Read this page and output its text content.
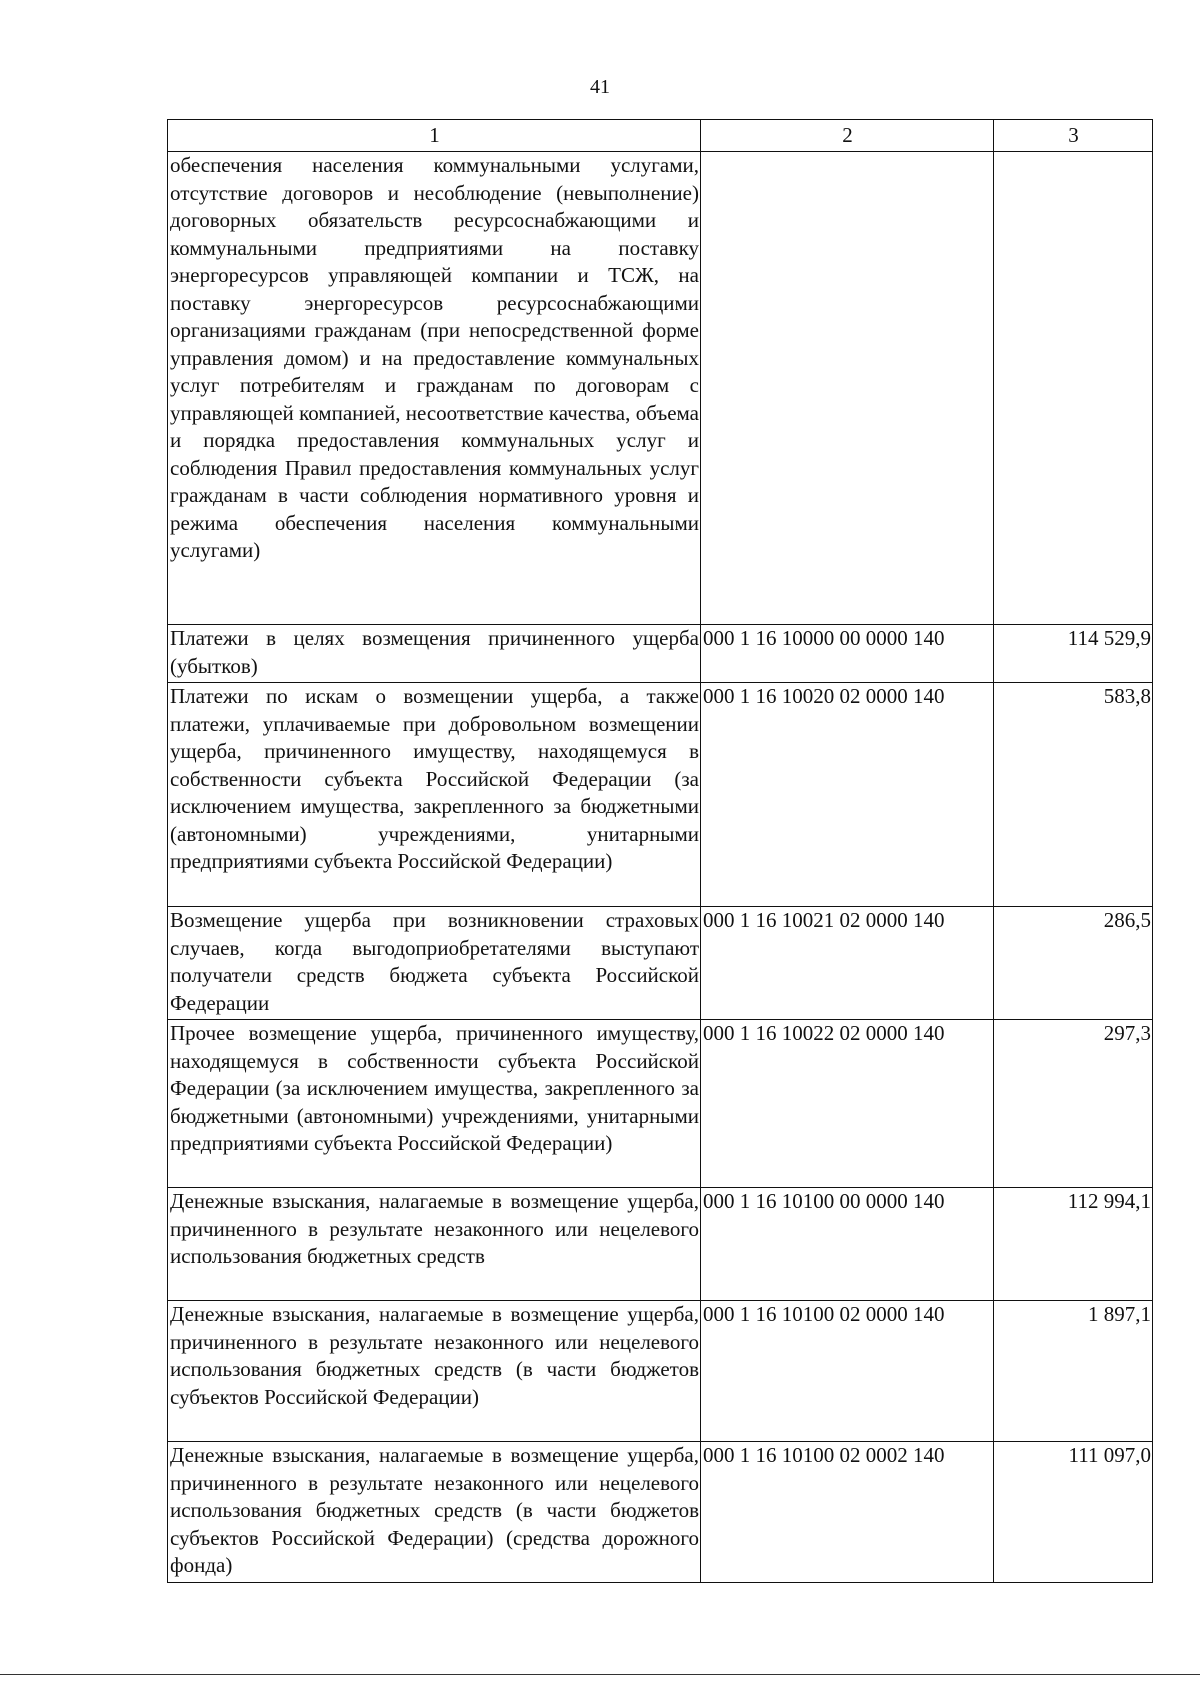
41
1	2	3
обеспечения населения коммунальными услугами, отсутствие договоров и несоблюдение (невыполнение) договорных обязательств ресурсоснабжающими и коммунальными предприятиями на поставку энергоресурсов управляющей компании и ТСЖ, на поставку энергоресурсов ресурсоснабжающими организациями гражданам (при непосредственной форме управления домом) и на предоставление коммунальных услуг потребителям и гражданам по договорам с управляющей компанией, несоответствие качества, объема и порядка предоставления коммунальных услуг и соблюдения Правил предоставления коммунальных услуг гражданам в части соблюдения нормативного уровня и режима обеспечения населения коммунальными услугами)		
Платежи в целях возмещения причиненного ущерба (убытков)	000 1 16 10000 00 0000 140	114 529,9
Платежи по искам о возмещении ущерба, а также платежи, уплачиваемые при добровольном возмещении ущерба, причиненного имуществу, находящемуся в собственности субъекта Российской Федерации (за исключением имущества, закрепленного за бюджетными (автономными) учреждениями, унитарными предприятиями субъекта Российской Федерации)	000 1 16 10020 02 0000 140	583,8
Возмещение ущерба при возникновении страховых случаев, когда выгодоприобретателями выступают получатели средств бюджета субъекта Российской Федерации	000 1 16 10021 02 0000 140	286,5
Прочее возмещение ущерба, причиненного имуществу, находящемуся в собственности субъекта Российской Федерации (за исключением имущества, закрепленного за бюджетными (автономными) учреждениями, унитарными предприятиями субъекта Российской Федерации)	000 1 16 10022 02 0000 140	297,3
Денежные взыскания, налагаемые в возмещение ущерба, причиненного в результате незаконного или нецелевого использования бюджетных средств	000 1 16 10100 00 0000 140	112 994,1
Денежные взыскания, налагаемые в возмещение ущерба, причиненного в результате незаконного или нецелевого использования бюджетных средств (в части бюджетов субъектов Российской Федерации)	000 1 16 10100 02 0000 140	1 897,1
Денежные взыскания, налагаемые в возмещение ущерба, причиненного в результате незаконного или нецелевого использования бюджетных средств (в части бюджетов субъектов Российской Федерации) (средства дорожного фонда)	000 1 16 10100 02 0002 140	111 097,0
